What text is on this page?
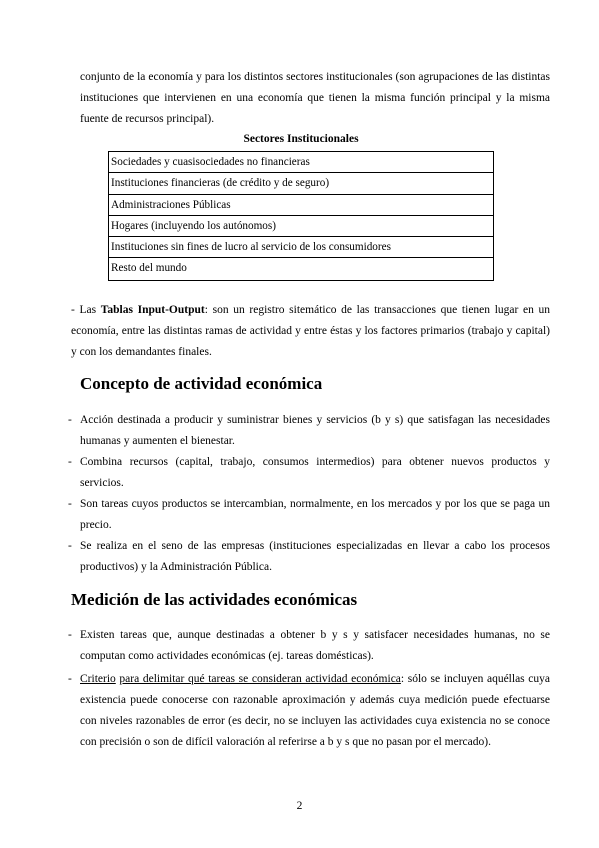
conjunto de la economía y para los distintos sectores institucionales (son agrupaciones de las distintas instituciones que intervienen en una economía que tienen la misma función principal y la misma fuente de recursos principal).
Sectores Institucionales
Sociedades y cuasisociedades no financieras
Instituciones financieras (de crédito y de seguro)
Administraciones Públicas
Hogares (incluyendo los autónomos)
Instituciones sin fines de lucro al servicio de los consumidores
Resto del mundo
- Las Tablas Input-Output: son un registro sitemático de las transacciones que tienen lugar en un economía, entre las distintas ramas de actividad y entre éstas y los factores primarios (trabajo y capital) y con los demandantes finales.
Concepto de actividad económica
- Acción destinada a producir y suministrar bienes y servicios (b y s) que satisfagan las necesidades humanas y aumenten el bienestar.
- Combina recursos (capital, trabajo, consumos intermedios) para obtener nuevos productos y servicios.
- Son tareas cuyos productos se intercambian, normalmente, en los mercados y por los que se paga un precio.
- Se realiza en el seno de las empresas (instituciones especializadas en llevar a cabo los procesos productivos) y la Administración Pública.
Medición de las actividades económicas
- Existen tareas que, aunque destinadas a obtener b y s y satisfacer necesidades humanas, no se computan como actividades económicas (ej. tareas domésticas).
- Criterio para delimitar qué tareas se consideran actividad económica: sólo se incluyen aquéllas cuya existencia puede conocerse con razonable aproximación y además cuya medición puede efectuarse con niveles razonables de error (es decir, no se incluyen las actividades cuya existencia no se conoce con precisión o son de difícil valoración al referirse a b y s que no pasan por el mercado).
2
